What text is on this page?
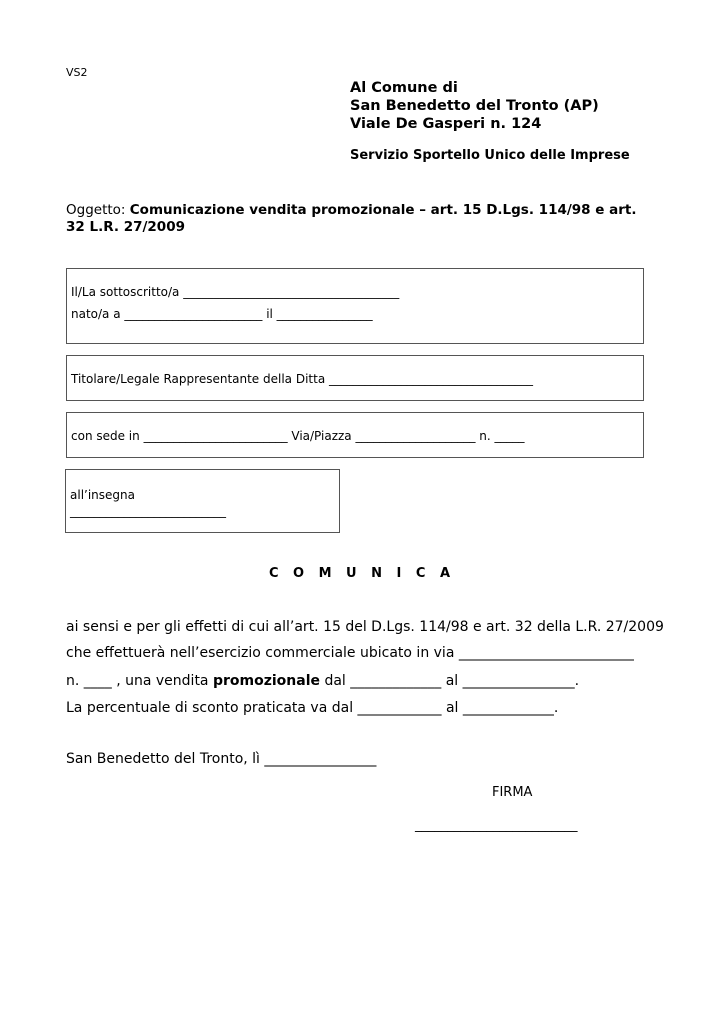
VS2
Al Comune di
San Benedetto del Tronto (AP)
Viale De Gasperi n. 124
Servizio Sportello Unico delle Imprese
Oggetto: Comunicazione vendita promozionale – art. 15 D.Lgs. 114/98 e art.
32 L.R. 27/2009
Il/La sottoscritto/a ____________________________________
nato/a a _______________________ il ________________
Titolare/Legale Rappresentante della Ditta __________________________________
con sede in ________________________ Via/Piazza ____________________ n. _____
all’insegna
__________________________
C O M U N I C A
ai sensi e per gli effetti di cui all’art. 15 del D.Lgs. 114/98 e art. 32 della L.R. 27/2009
che effettuerà nell’esercizio commerciale ubicato in via _________________________
n. ____ , una vendita promozionale dal _____________ al ________________.
La percentuale di sconto praticata va dal ____________ al _____________.
San Benedetto del Tronto, lì ________________
FIRMA
_________________________
